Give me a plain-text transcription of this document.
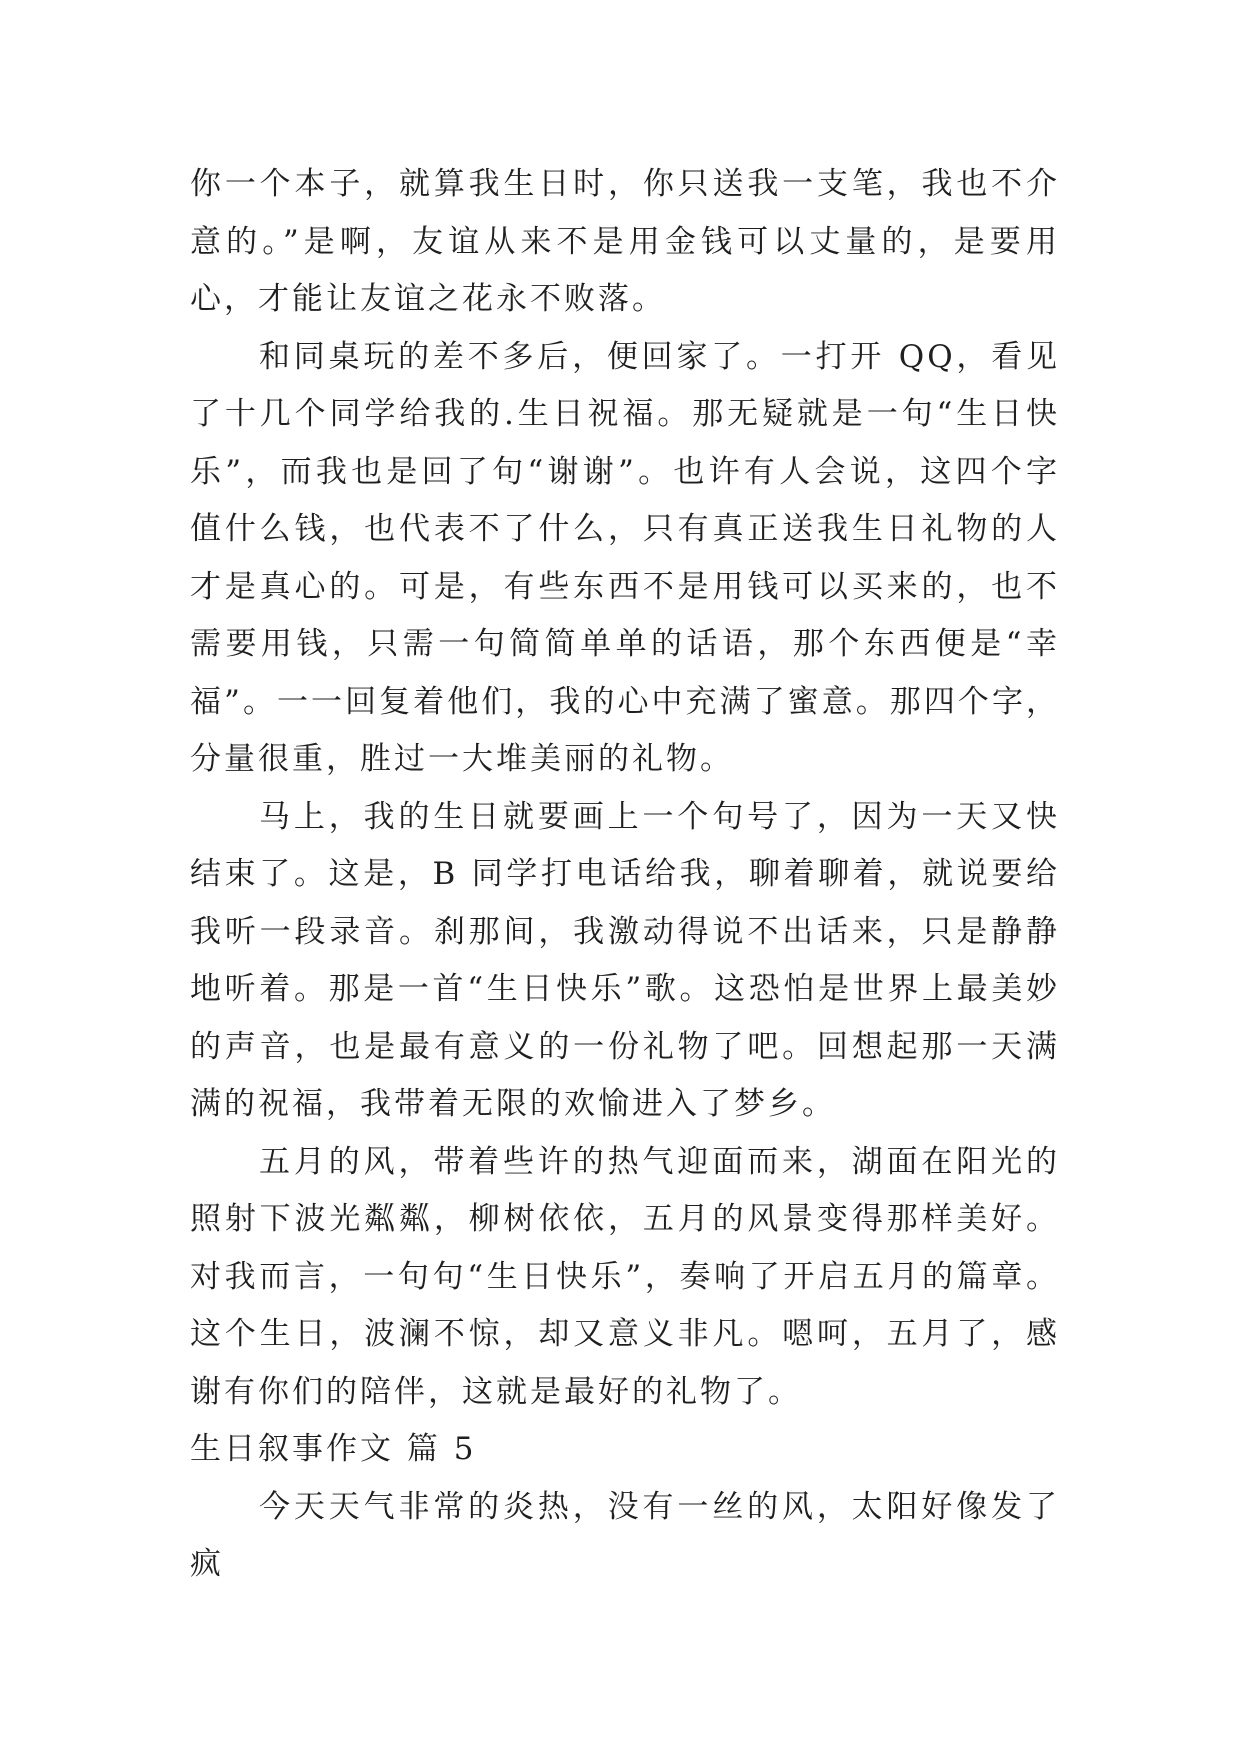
你一个本子，就算我生日时，你只送我一支笔，我也不介意的。”是啊，友谊从来不是用金钱可以丈量的，是要用心，才能让友谊之花永不败落。

和同桌玩的差不多后，便回家了。一打开 QQ，看见了十几个同学给我的.生日祝福。那无疑就是一句“生日快乐”，而我也是回了句“谢谢”。也许有人会说，这四个字值什么钱，也代表不了什么，只有真正送我生日礼物的人才是真心的。可是，有些东西不是用钱可以买来的，也不需要用钱，只需一句简简单单的话语，那个东西便是“幸福”。一一回复着他们，我的心中充满了蜜意。那四个字，分量很重，胜过一大堆美丽的礼物。

马上，我的生日就要画上一个句号了，因为一天又快结束了。这是，B 同学打电话给我，聊着聊着，就说要给我听一段录音。刹那间，我激动得说不出话来，只是静静地听着。那是一首“生日快乐”歌。这恐怕是世界上最美妙的声音，也是最有意义的一份礼物了吧。回想起那一天满满的祝福，我带着无限的欢愉进入了梦乡。

五月的风，带着些许的热气迎面而来，湖面在阳光的照射下波光粼粼，柳树依依，五月的风景变得那样美好。对我而言，一句句“生日快乐”，奏响了开启五月的篇章。这个生日，波澜不惊，却又意义非凡。嗯呵，五月了，感谢有你们的陪伴，这就是最好的礼物了。

生日叙事作文 篇 5

今天天气非常的炎热，没有一丝的风，太阳好像发了疯
